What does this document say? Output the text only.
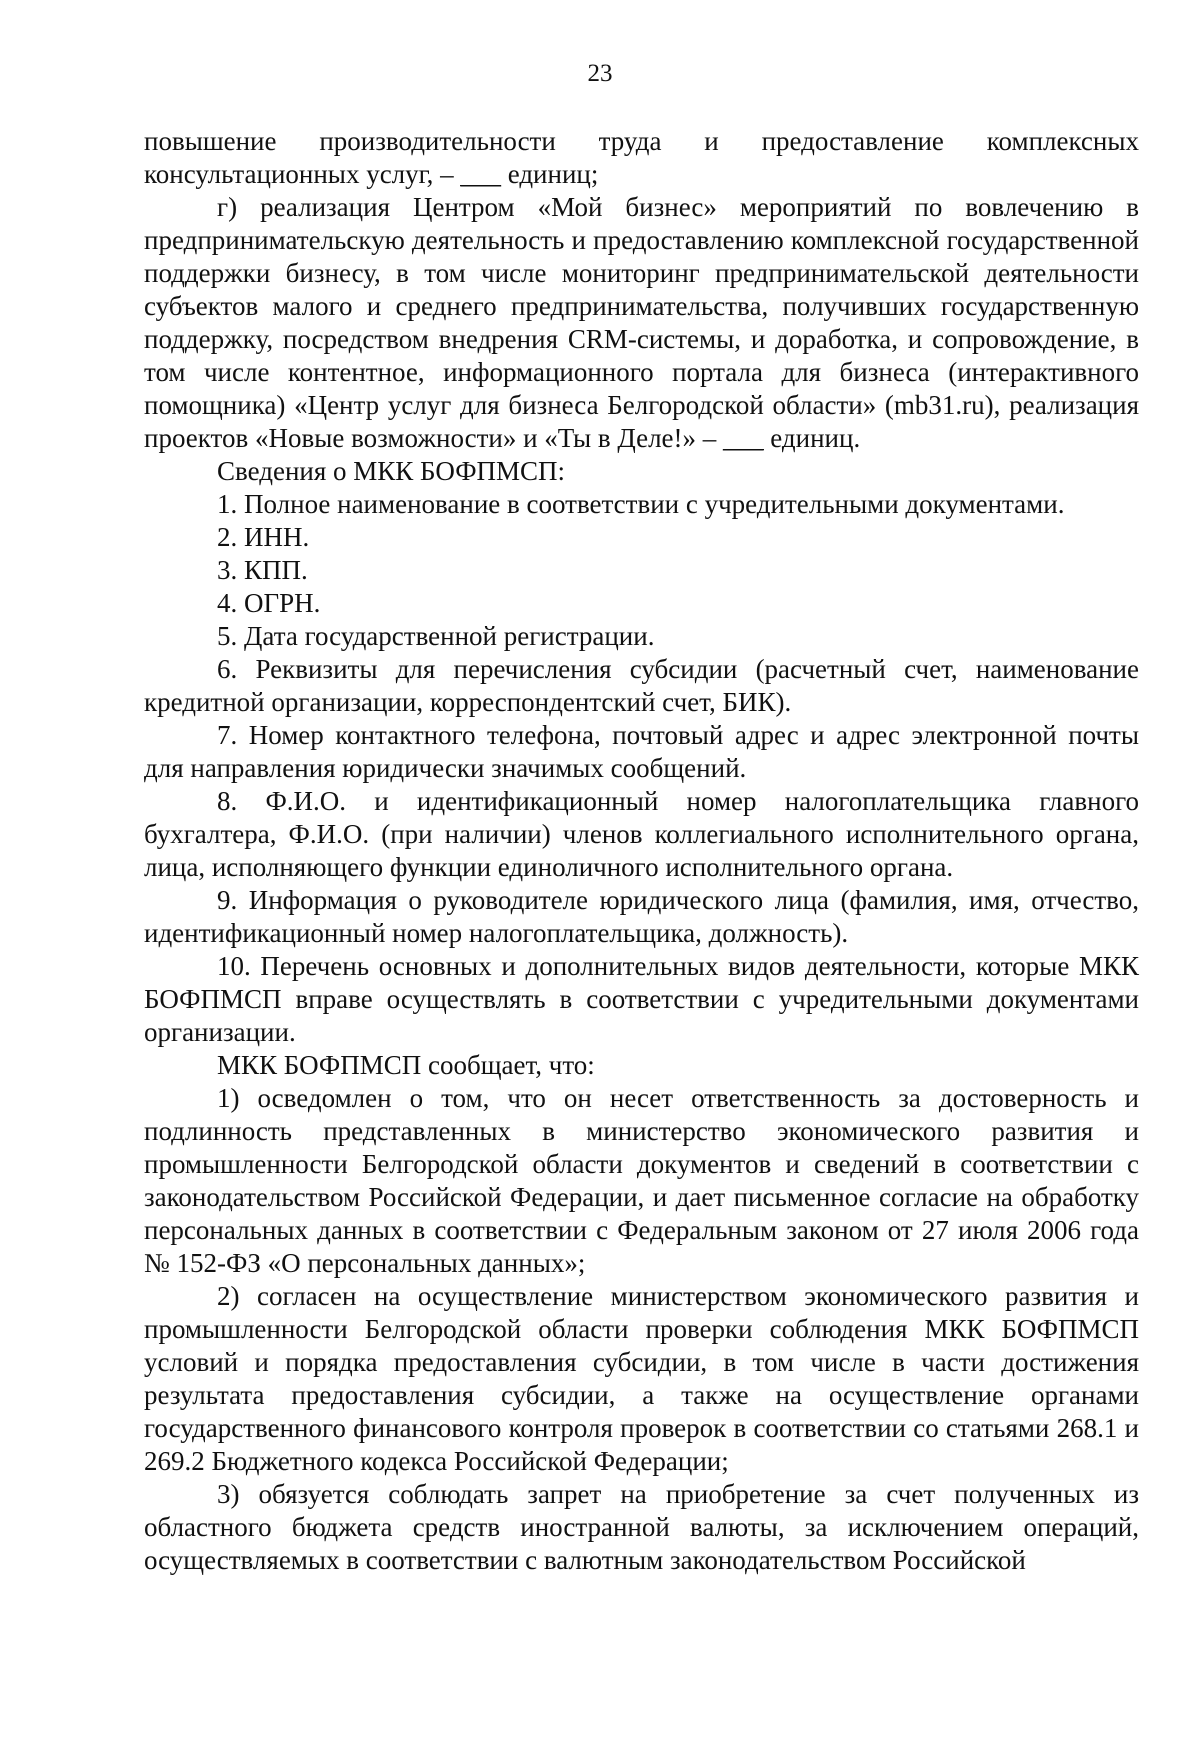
23

повышение производительности труда и предоставление комплексных консультационных услуг, – ___ единиц;

г) реализация Центром «Мой бизнес» мероприятий по вовлечению в предпринимательскую деятельность и предоставлению комплексной государственной поддержки бизнесу, в том числе мониторинг предпринимательской деятельности субъектов малого и среднего предпринимательства, получивших государственную поддержку, посредством внедрения CRM-системы, и доработка, и сопровождение, в том числе контентное, информационного портала для бизнеса (интерактивного помощника) «Центр услуг для бизнеса Белгородской области» (mb31.ru), реализация проектов «Новые возможности» и «Ты в Деле!» – ___ единиц.

Сведения о МКК БОФПМСП:

1. Полное наименование в соответствии с учредительными документами.

2. ИНН.

3. КПП.

4. ОГРН.

5. Дата государственной регистрации.

6. Реквизиты для перечисления субсидии (расчетный счет, наименование кредитной организации, корреспондентский счет, БИК).

7. Номер контактного телефона, почтовый адрес и адрес электронной почты для направления юридически значимых сообщений.

8. Ф.И.О. и идентификационный номер налогоплательщика главного бухгалтера, Ф.И.О. (при наличии) членов коллегиального исполнительного органа, лица, исполняющего функции единоличного исполнительного органа.

9. Информация о руководителе юридического лица (фамилия, имя, отчество, идентификационный номер налогоплательщика, должность).

10. Перечень основных и дополнительных видов деятельности, которые МКК БОФПМСП вправе осуществлять в соответствии с учредительными документами организации.

МКК БОФПМСП сообщает, что:

1) осведомлен о том, что он несет ответственность за достоверность и подлинность представленных в министерство экономического развития и промышленности Белгородской области документов и сведений в соответствии с законодательством Российской Федерации, и дает письменное согласие на обработку персональных данных в соответствии с Федеральным законом от 27 июля 2006 года № 152-ФЗ «О персональных данных»;

2) согласен на осуществление министерством экономического развития и промышленности Белгородской области проверки соблюдения МКК БОФПМСП условий и порядка предоставления субсидии, в том числе в части достижения результата предоставления субсидии, а также на осуществление органами государственного финансового контроля проверок в соответствии со статьями 268.1 и 269.2 Бюджетного кодекса Российской Федерации;

3) обязуется соблюдать запрет на приобретение за счет полученных из областного бюджета средств иностранной валюты, за исключением операций, осуществляемых в соответствии с валютным законодательством Российской
